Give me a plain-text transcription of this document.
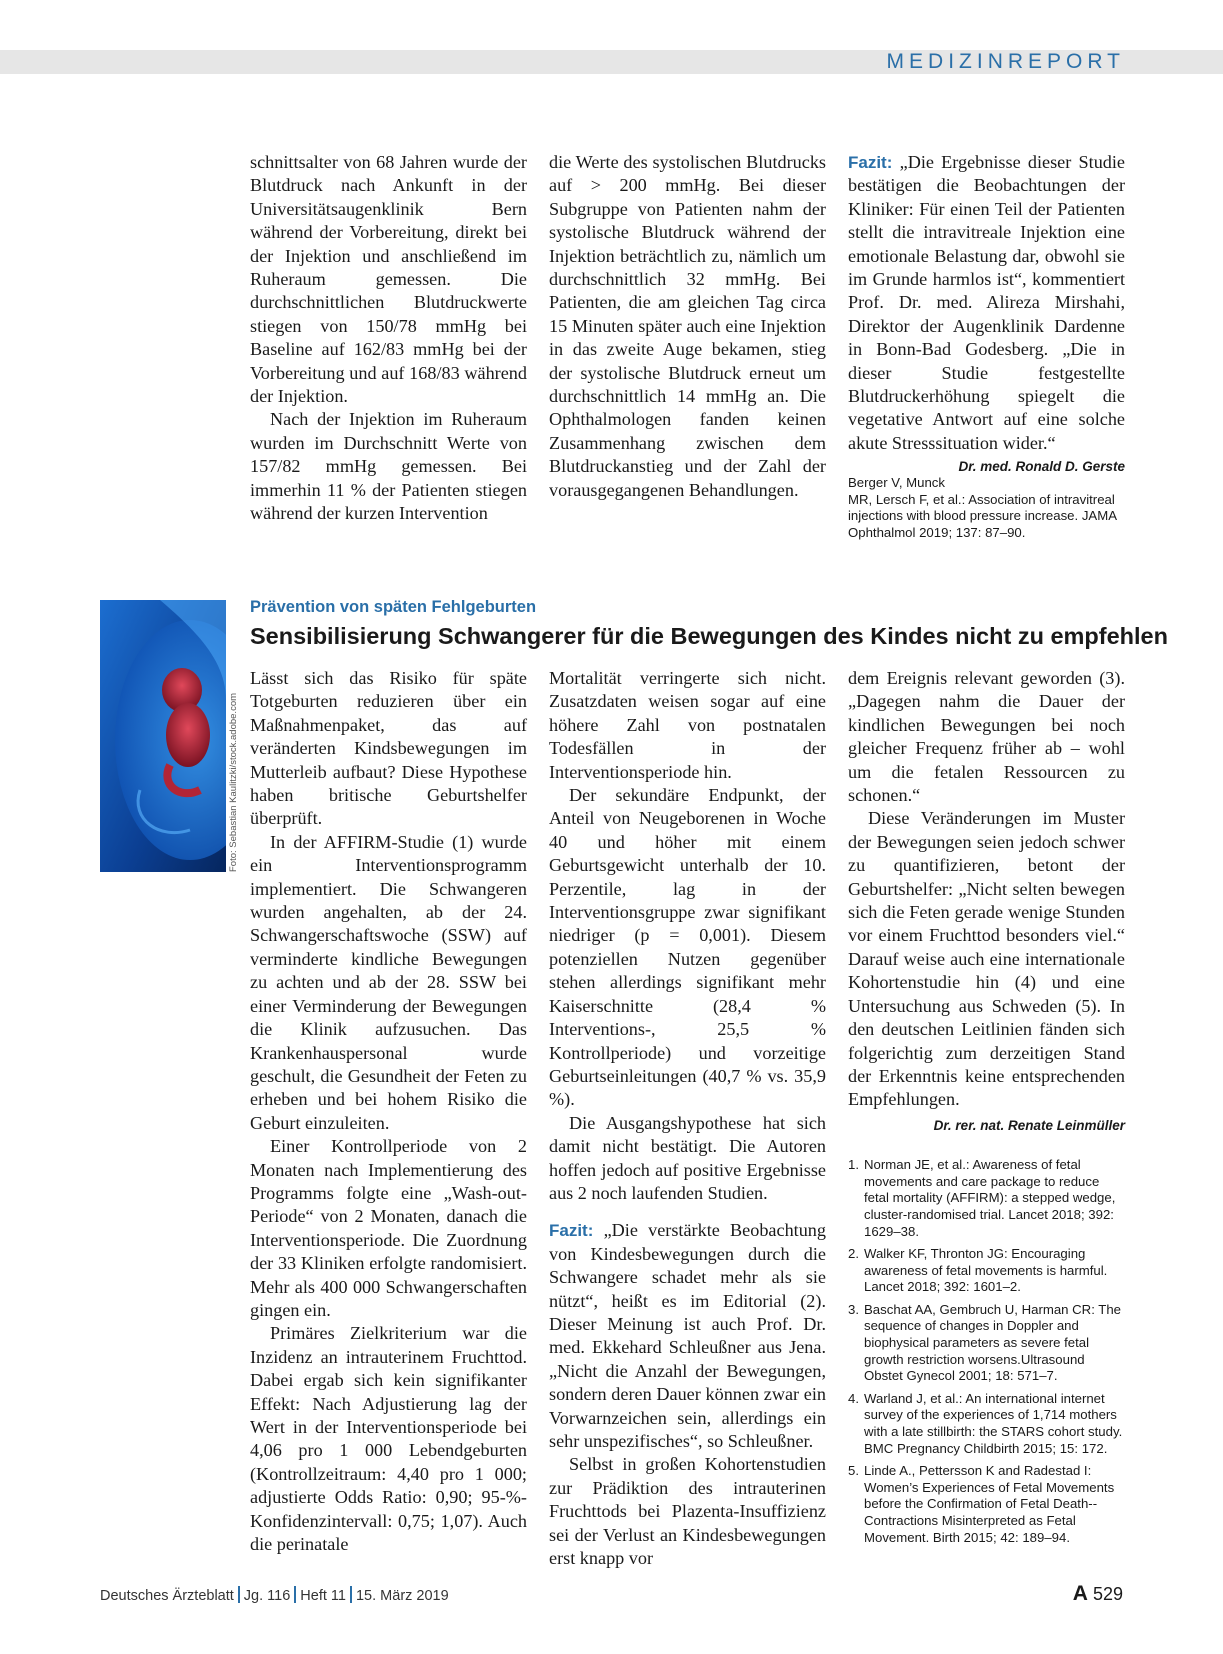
MEDIZINREPORT

schnittsalter von 68 Jahren wurde der Blutdruck nach Ankunft in der Universitätsaugenklinik Bern während der Vorbereitung, direkt bei der Injektion und anschließend im Ruheraum gemessen. Die durchschnittlichen Blutdruckwerte stiegen von 150/78 mmHg bei Baseline auf 162/83 mmHg bei der Vorbereitung und auf 168/83 während der Injektion.

Nach der Injektion im Ruheraum wurden im Durchschnitt Werte von 157/82 mmHg gemessen. Bei immerhin 11 % der Patienten stiegen während der kurzen Intervention

die Werte des systolischen Blutdrucks auf > 200 mmHg. Bei dieser Subgruppe von Patienten nahm der systolische Blutdruck während der Injektion beträchtlich zu, nämlich um durchschnittlich 32 mmHg. Bei Patienten, die am gleichen Tag circa 15 Minuten später auch eine Injektion in das zweite Auge bekamen, stieg der systolische Blutdruck erneut um durchschnittlich 14 mmHg an. Die Ophthalmologen fanden keinen Zusammenhang zwischen dem Blutdruckanstieg und der Zahl der vorausgegangenen Behandlungen.

Fazit: „Die Ergebnisse dieser Studie bestätigen die Beobachtungen der Kliniker: Für einen Teil der Patienten stellt die intravitreale Injektion eine emotionale Belastung dar, obwohl sie im Grunde harmlos ist“, kommentiert Prof. Dr. med. Alireza Mirshahi, Direktor der Augenklinik Dardenne in Bonn-Bad Godesberg. „Die in dieser Studie festgestellte Blutdruckerhöhung spiegelt die vegetative Antwort auf eine solche akute Stresssituation wider.“
Dr. med. Ronald D. Gerste

Berger V, Munck MR, Lersch F, et al.: Association of intravitreal injections with blood pressure increase. JAMA Ophthalmol 2019; 137: 87–90.
Foto: Sebastian Kaulitzki/stock.adobe.com
Prävention von späten Fehlgeburten
Sensibilisierung Schwangerer für die Bewegungen des Kindes nicht zu empfehlen

Lässt sich das Risiko für späte Totgeburten reduzieren über ein Maßnahmenpaket, das auf veränderten Kindsbewegungen im Mutterleib aufbaut? Diese Hypothese haben britische Geburtshelfer überprüft.

In der AFFIRM-Studie (1) wurde ein Interventionsprogramm implementiert. Die Schwangeren wurden angehalten, ab der 24. Schwangerschaftswoche (SSW) auf verminderte kindliche Bewegungen zu achten und ab der 28. SSW bei einer Verminderung der Bewegungen die Klinik aufzusuchen. Das Krankenhauspersonal wurde geschult, die Gesundheit der Feten zu erheben und bei hohem Risiko die Geburt einzuleiten.

Einer Kontrollperiode von 2 Monaten nach Implementierung des Programms folgte eine „Wash-out-Periode“ von 2 Monaten, danach die Interventionsperiode. Die Zuordnung der 33 Kliniken erfolgte randomisiert. Mehr als 400 000 Schwangerschaften gingen ein.

Primäres Zielkriterium war die Inzidenz an intrauterinem Fruchttod. Dabei ergab sich kein signifikanter Effekt: Nach Adjustierung lag der Wert in der Interventionsperiode bei 4,06 pro 1 000 Lebendgeburten (Kontrollzeitraum: 4,40 pro 1 000; adjustierte Odds Ratio: 0,90; 95-%-Konfidenzintervall: 0,75; 1,07). Auch die perinatale

Mortalität verringerte sich nicht. Zusatzdaten weisen sogar auf eine höhere Zahl von postnatalen Todesfällen in der Interventionsperiode hin.

Der sekundäre Endpunkt, der Anteil von Neugeborenen in Woche 40 und höher mit einem Geburtsgewicht unterhalb der 10. Perzentile, lag in der Interventionsgruppe zwar signifikant niedriger (p = 0,001). Diesem potenziellen Nutzen gegenüber stehen allerdings signifikant mehr Kaiserschnitte (28,4 % Interventions-, 25,5 % Kontrollperiode) und vorzeitige Geburtseinleitungen (40,7 % vs. 35,9 %).

Die Ausgangshypothese hat sich damit nicht bestätigt. Die Autoren hoffen jedoch auf positive Ergebnisse aus 2 noch laufenden Studien.

Fazit: „Die verstärkte Beobachtung von Kindesbewegungen durch die Schwangere schadet mehr als sie nützt“, heißt es im Editorial (2). Dieser Meinung ist auch Prof. Dr. med. Ekkehard Schleußner aus Jena. „Nicht die Anzahl der Bewegungen, sondern deren Dauer können zwar ein Vorwarnzeichen sein, allerdings ein sehr unspezifisches“, so Schleußner.

Selbst in großen Kohortenstudien zur Prädiktion des intrauterinen Fruchttods bei Plazenta-Insuffizienz sei der Verlust an Kindesbewegungen erst knapp vor

dem Ereignis relevant geworden (3). „Dagegen nahm die Dauer der kindlichen Bewegungen bei noch gleicher Frequenz früher ab – wohl um die fetalen Ressourcen zu schonen.“

Diese Veränderungen im Muster der Bewegungen seien jedoch schwer zu quantifizieren, betont der Geburtshelfer: „Nicht selten bewegen sich die Feten gerade wenige Stunden vor einem Fruchttod besonders viel.“ Darauf weise auch eine internationale Kohortenstudie hin (4) und eine Untersuchung aus Schweden (5). In den deutschen Leitlinien fänden sich folgerichtig zum derzeitigen Stand der Erkenntnis keine entsprechenden Empfehlungen.

Dr. rer. nat. Renate Leinmüller
1. Norman JE, et al.: Awareness of fetal movements and care package to reduce fetal mortality (AFFIRM): a stepped wedge, cluster-randomised trial. Lancet 2018; 392: 1629–38.
2. Walker KF, Thronton JG: Encouraging awareness of fetal movements is harmful. Lancet 2018; 392: 1601–2.
3. Baschat AA, Gembruch U, Harman CR: The sequence of changes in Doppler and biophysical parameters as severe fetal growth restriction worsens.Ultrasound Obstet Gynecol 2001; 18: 571–7.
4. Warland J, et al.: An international internet survey of the experiences of 1,714 mothers with a late stillbirth: the STARS cohort study. BMC Pregnancy Childbirth 2015; 15: 172.
5. Linde A., Pettersson K and Radestad I: Women’s Experiences of Fetal Movements before the Confirmation of Fetal Death--Contractions Misinterpreted as Fetal Movement. Birth 2015; 42: 189–94.
Deutsches Ärzteblatt Jg. 116 Heft 11 15. März 2019	A 529
